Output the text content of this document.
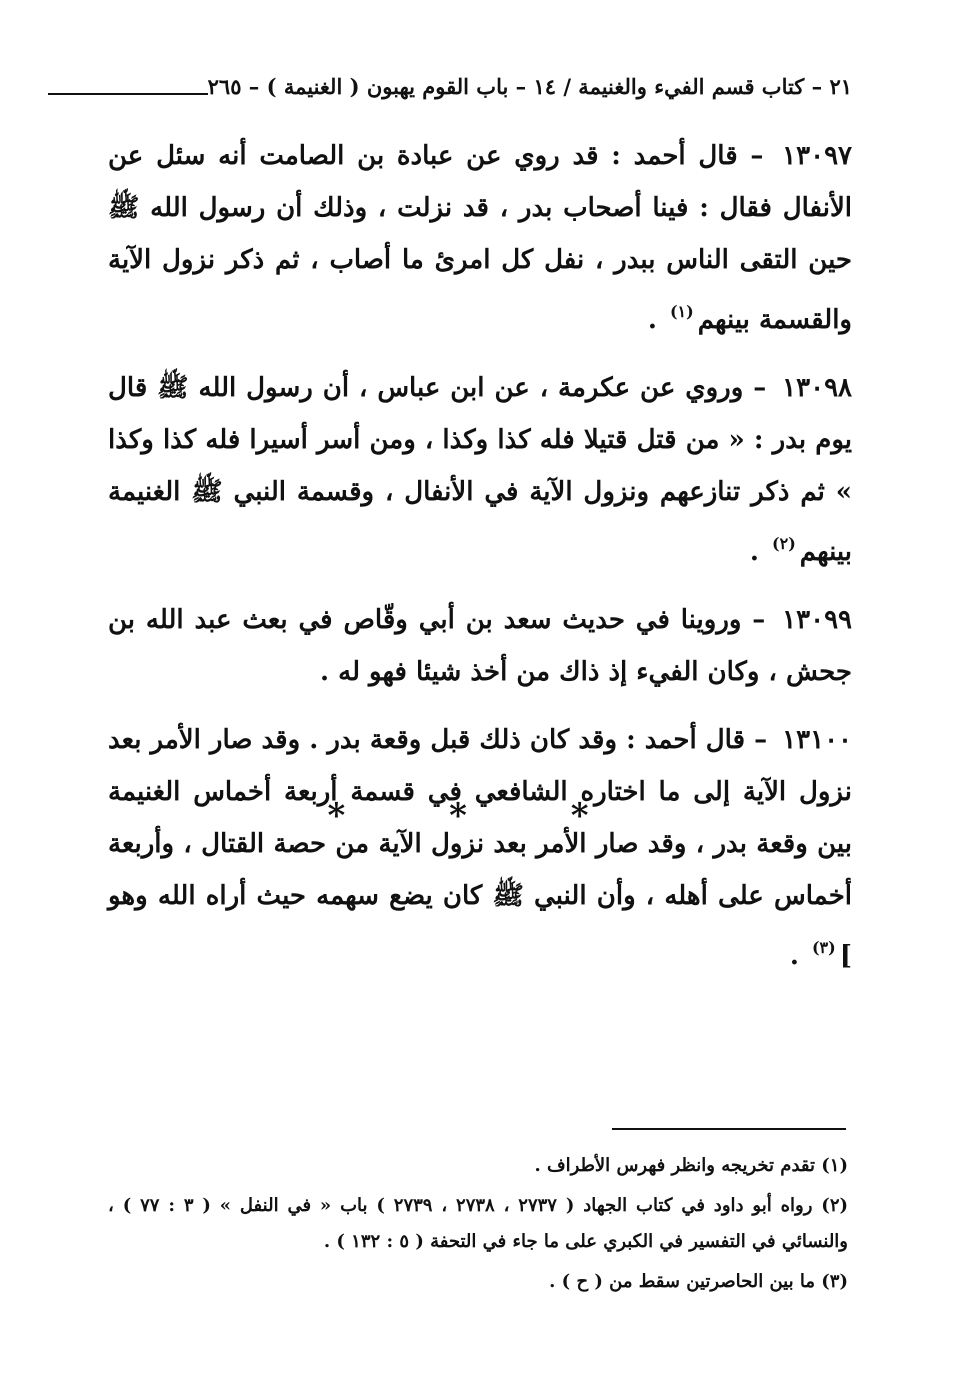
٢١ – كتاب قسم الفيء والغنيمة / ١٤ – باب القوم يهبون ( الغنيمة ) – ٢٦٥

١٣٠٩٧ – قال أحمد : قد روي عن عبادة بن الصامت أنه سئل عن الأنفال فقال : فينا أصحاب بدر ، قد نزلت ، وذلك أن رسول الله ﷺ حين التقى الناس ببدر ، نفل كل امرئ ما أصاب ، ثم ذكر نزول الآية والقسمة بينهم$^{(١)}$ .

١٣٠٩٨ – وروي عن عكرمة ، عن ابن عباس ، أن رسول الله ﷺ قال يوم بدر : « من قتل قتيلا فله كذا وكذا ، ومن أسر أسيرا فله كذا وكذا » ثم ذكر تنازعهم ونزول الآية في الأنفال ، وقسمة النبي ﷺ الغنيمة بينهم$^{(٢)}$ .

١٣٠٩٩ – وروينا في حديث سعد بن أبي وقّاص في بعث عبد الله بن جحش ، وكان الفيء إذ ذاك من أخذ شيئا فهو له .

١٣١٠٠ – قال أحمد : وقد كان ذلك قبل وقعة بدر . وقد صار الأمر بعد نزول الآية إلى ما اختاره الشافعي في قسمة أربعة أخماس الغنيمة بين وقعة بدر ، وقد صار الأمر بعد نزول الآية من حصة القتال ، وأربعة أخماس على أهله ، وأن النبي ﷺ كان يضع سهمه حيث أراه الله وهو ]$^{(٣)}$ .

* * *

(١) تقدم تخريجه وانظر فهرس الأطراف .

(٢) رواه أبو داود في كتاب الجهاد ( ٢٧٣٧ ، ٢٧٣٨ ، ٢٧٣٩ ) باب « في النفل » ( ٣ : ٧٧ ) ، والنسائي في التفسير في الكبري على ما جاء في التحفة ( ٥ : ١٣٢ ) .

(٣) ما بين الحاصرتين سقط من ( ح ) .
